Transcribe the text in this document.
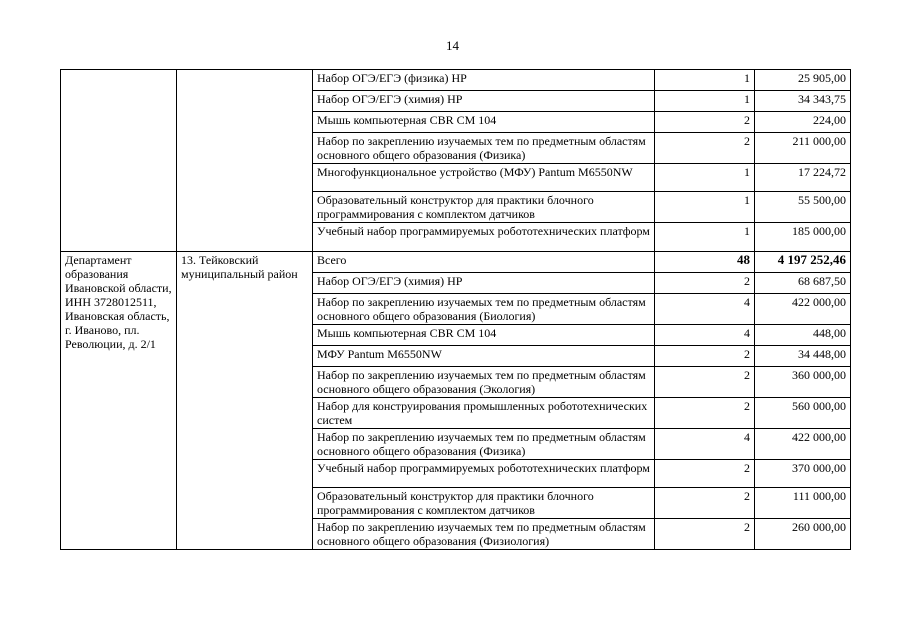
14
		Набор ОГЭ/ЕГЭ (физика) НР	1	25 905,00
		Набор ОГЭ/ЕГЭ (химия) НР	1	34 343,75
		Мышь компьютерная CBR CM 104	2	224,00
		Набор по закреплению изучаемых тем по предметным областям основного общего образования (Физика)	2	211 000,00
		Многофункциональное устройство (МФУ) Pantum M6550NW	1	17 224,72
		Образовательный конструктор для практики блочного программирования с комплектом датчиков	1	55 500,00
		Учебный набор программируемых робототехнических платформ	1	185 000,00
Департамент образования Ивановской области, ИНН 3728012511, Ивановская область, г. Иваново, пл. Революции, д. 2/1	13. Тейковский муниципальный район	Всего	48	4 197 252,46
		Набор ОГЭ/ЕГЭ (химия) НР	2	68 687,50
		Набор по закреплению изучаемых тем по предметным областям основного общего образования (Биология)	4	422 000,00
		Мышь компьютерная CBR CM 104	4	448,00
		МФУ Pantum M6550NW	2	34 448,00
		Набор по закреплению изучаемых тем по предметным областям основного общего образования (Экология)	2	360 000,00
		Набор для конструирования промышленных робототехнических систем	2	560 000,00
		Набор по закреплению изучаемых тем по предметным областям основного общего образования (Физика)	4	422 000,00
		Учебный набор программируемых робототехнических платформ	2	370 000,00
		Образовательный конструктор для практики блочного программирования с комплектом датчиков	2	111 000,00
		Набор по закреплению изучаемых тем по предметным областям основного общего образования (Физиология)	2	260 000,00
